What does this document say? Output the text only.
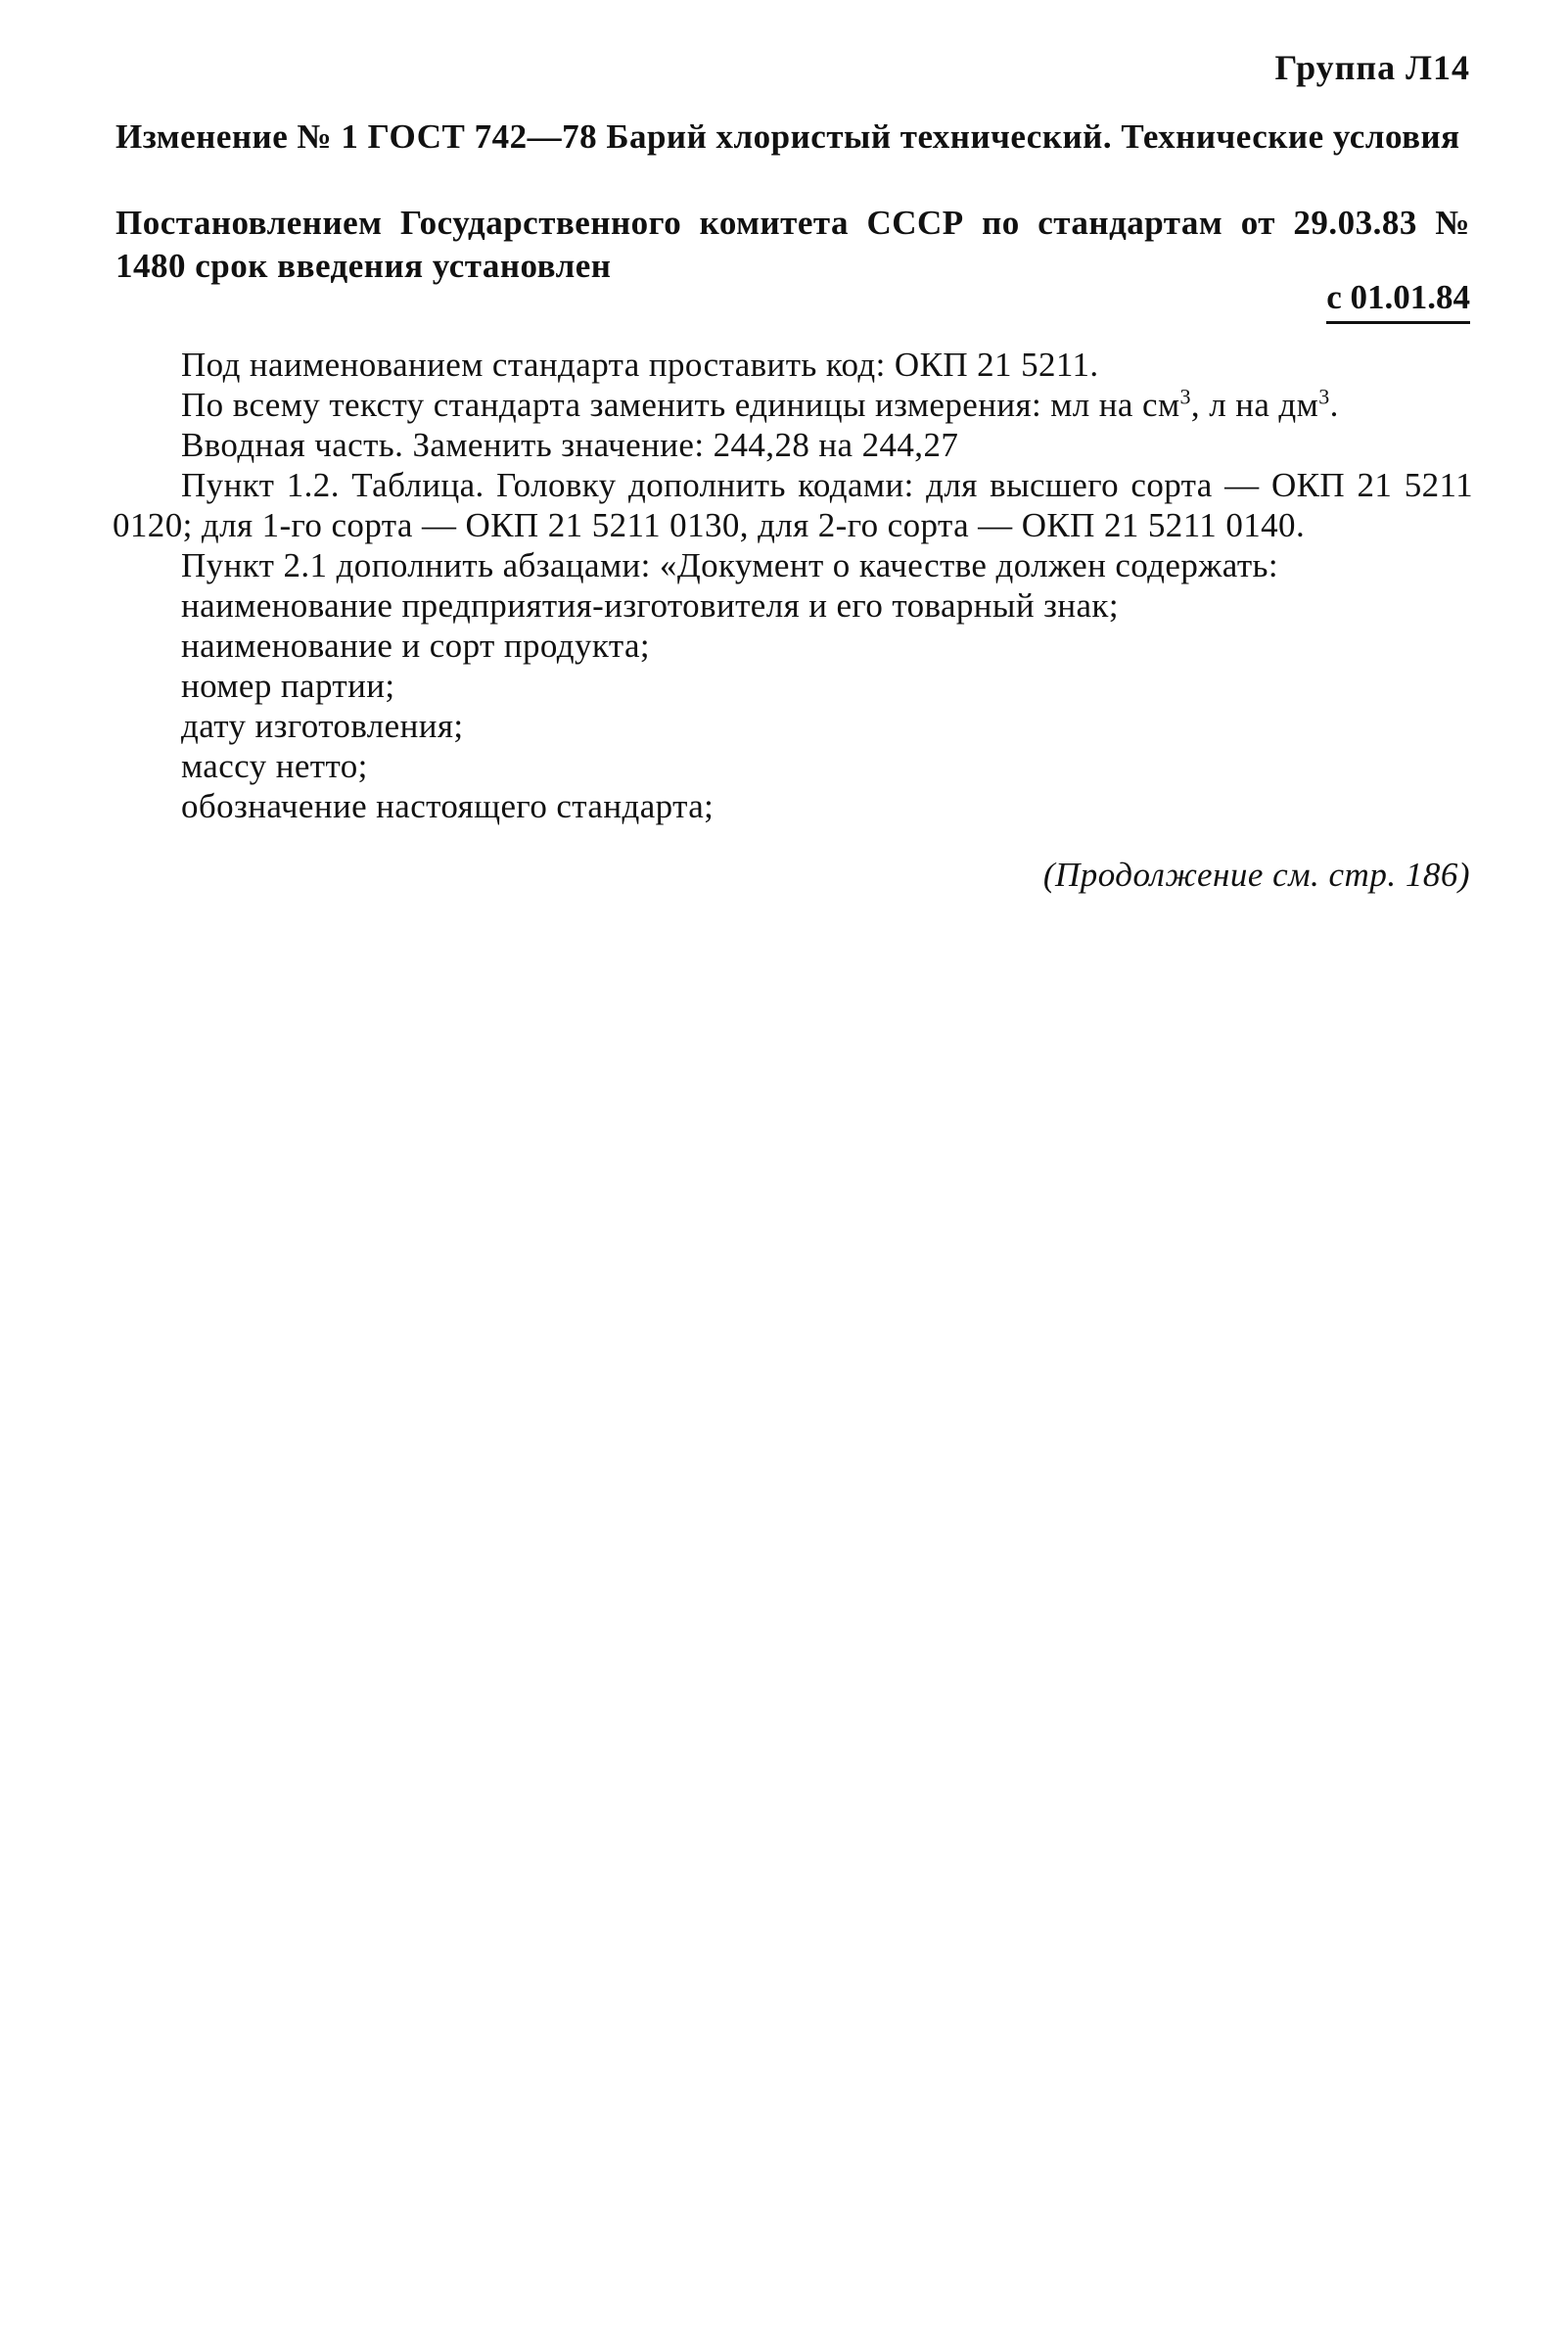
Группа Л14
Изменение № 1 ГОСТ 742—78 Барий хлористый технический. Технические условия
Постановлением Государственного комитета СССР по стандартам от 29.03.83 № 1480 срок введения установлен
с 01.01.84

Под наименованием стандарта проставить код: ОКП 21 5211.

По всему тексту стандарта заменить единицы измерения: мл на $см^3$, л на $дм^3$.

Вводная часть. Заменить значение: 244,28 на 244,27

Пункт 1.2. Таблица. Головку дополнить кодами: для высшего сорта — ОКП 21 5211 0120; для 1-го сорта — ОКП 21 5211 0130, для 2-го сорта — ОКП 21 5211 0140.

Пункт 2.1 дополнить абзацами: «Документ о качестве должен содержать:

наименование предприятия-изготовителя и его товарный знак;

наименование и сорт продукта;

номер партии;

дату изготовления;

массу нетто;

обозначение настоящего стандарта;

(Продолжение см. стр. 186)
